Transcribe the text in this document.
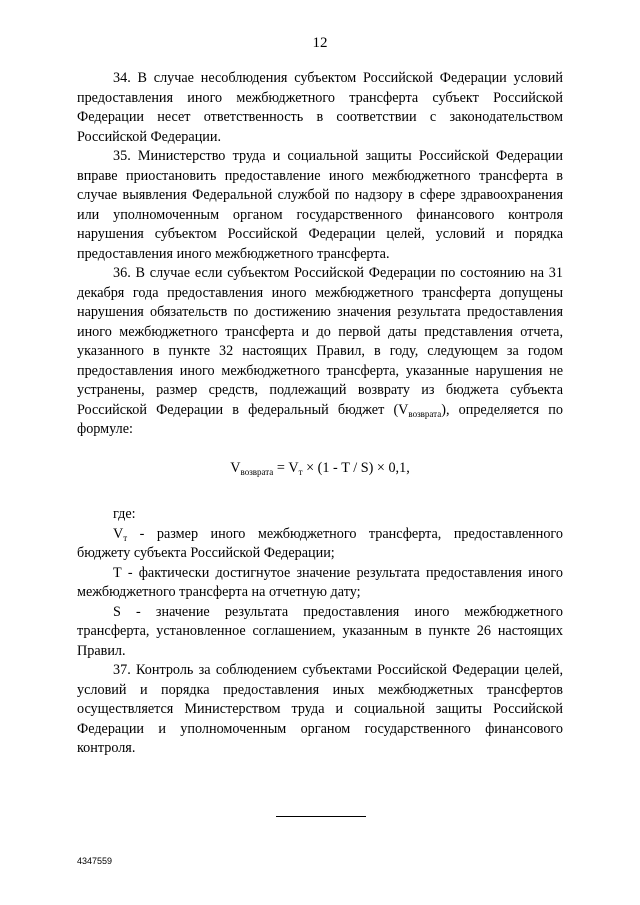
12

34. В случае несоблюдения субъектом Российской Федерации условий предоставления иного межбюджетного трансферта субъект Российской Федерации несет ответственность в соответствии с законодательством Российской Федерации.

35. Министерство труда и социальной защиты Российской Федерации вправе приостановить предоставление иного межбюджетного трансферта в случае выявления Федеральной службой по надзору в сфере здравоохранения или уполномоченным органом государственного финансового контроля нарушения субъектом Российской Федерации целей, условий и порядка предоставления иного межбюджетного трансферта.

36. В случае если субъектом Российской Федерации по состоянию на 31 декабря года предоставления иного межбюджетного трансферта допущены нарушения обязательств по достижению значения результата предоставления иного межбюджетного трансферта и до первой даты представления отчета, указанного в пункте 32 настоящих Правил, в году, следующем за годом предоставления иного межбюджетного трансферта, указанные нарушения не устранены, размер средств, подлежащий возврату из бюджета субъекта Российской Федерации в федеральный бюджет $(V_{возврата})$, определяется по формуле:

$V_{возврата} = V_т \times (1 - T / S) \times 0,1$,

где:

$V_т$ - размер иного межбюджетного трансферта, предоставленного бюджету субъекта Российской Федерации;

Т - фактически достигнутое значение результата предоставления иного межбюджетного трансферта на отчетную дату;

S - значение результата предоставления иного межбюджетного трансферта, установленное соглашением, указанным в пункте 26 настоящих Правил.

37. Контроль за соблюдением субъектами Российской Федерации целей, условий и порядка предоставления иных межбюджетных трансфертов осуществляется Министерством труда и социальной защиты Российской Федерации и уполномоченным органом государственного финансового контроля.

4347559
